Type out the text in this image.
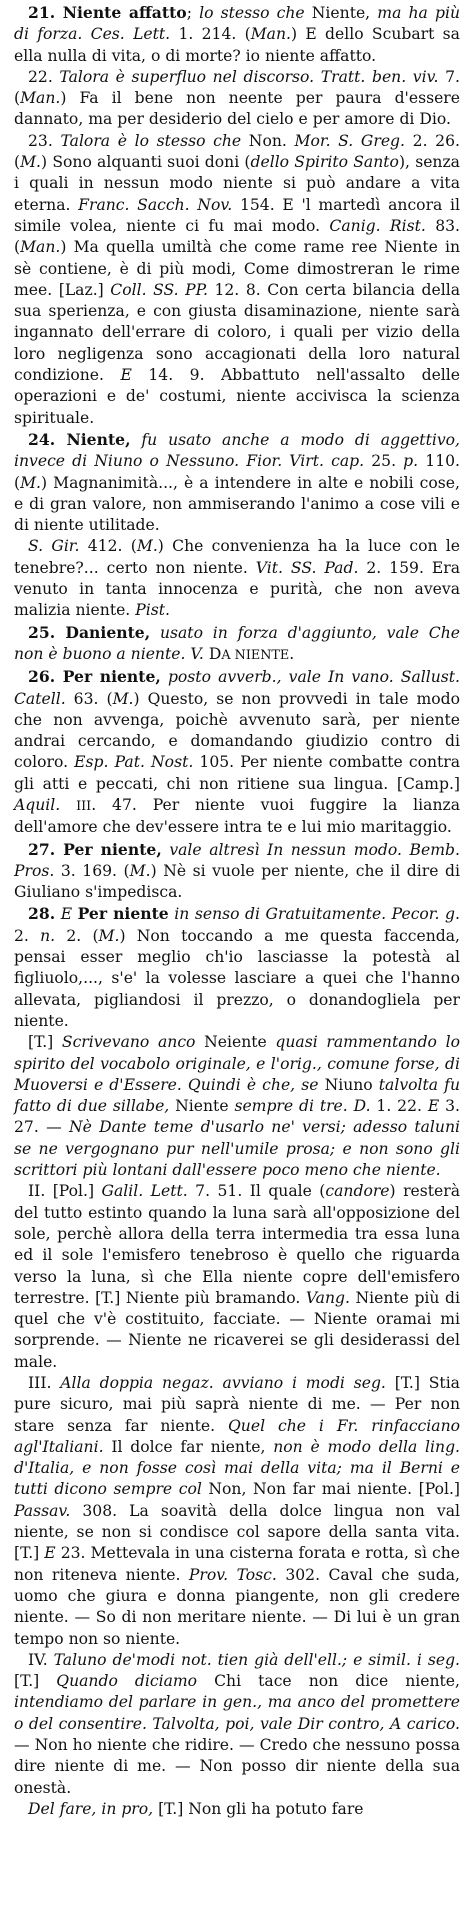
21. Niente affatto; lo stesso che Niente, ma ha più di forza. Ces. Lett. 1. 214. (Man.) E dello Scubart sa ella nulla di vita, o di morte? io niente affatto.

22. Talora è superfluo nel discorso. Tratt. ben. viv. 7. (Man.) Fa il bene non neente per paura d'essere dannato, ma per desiderio del cielo e per amore di Dio.

23. Talora è lo stesso che Non. Mor. S. Greg. 2. 26. (M.) Sono alquanti suoi doni (dello Spirito Santo), senza i quali in nessun modo niente si può andare a vita eterna. Franc. Sacch. Nov. 154. E 'l martedì ancora il simile volea, niente ci fu mai modo. Canig. Rist. 83. (Man.) Ma quella umiltà che come rame ree Niente in sè contiene, è di più modi, Come dimostreran le rime mee. [Laz.] Coll. SS. PP. 12. 8. Con certa bilancia della sua sperienza, e con giusta disaminazione, niente sarà ingannato dell'errare di coloro, i quali per vizio della loro negligenza sono accagionati della loro natural condizione. E 14. 9. Abbattuto nell'assalto delle operazioni e de' costumi, niente accivisca la scienza spirituale.

24. Niente, fu usato anche a modo di aggettivo, invece di Niuno o Nessuno. Fior. Virt. cap. 25. p. 110. (M.) Magnanimità..., è a intendere in alte e nobili cose, e di gran valore, non ammiserando l'animo a cose vili e di niente utilitade.

S. Gir. 412. (M.) Che convenienza ha la luce con le tenebre?... certo non niente. Vit. SS. Pad. 2. 159. Era venuto in tanta innocenza e purità, che non aveva malizia niente. Pist.

25. Daniente, usato in forza d'aggiunto, vale Che non è buono a niente. V. DA NIENTE.

26. Per niente, posto avverb., vale In vano. Sallust. Catell. 63. (M.) Questo, se non provvedi in tale modo che non avvenga, poichè avvenuto sarà, per niente andrai cercando, e domandando giudizio contro di coloro. Esp. Pat. Nost. 105. Per niente combatte contra gli atti e peccati, chi non ritiene sua lingua. [Camp.] Aquil. III. 47. Per niente vuoi fuggire la lianza dell'amore che dev'essere intra te e lui mio maritaggio.

27. Per niente, vale altresì In nessun modo. Bemb. Pros. 3. 169. (M.) Nè si vuole per niente, che il dire di Giuliano s'impedisca.

28. E Per niente in senso di Gratuitamente. Pecor. g. 2. n. 2. (M.) Non toccando a me questa faccenda, pensai esser meglio ch'io lasciasse la potestà al figliuolo,..., s'e' la volesse lasciare a quei che l'hanno allevata, pigliandosi il prezzo, o donandogliela per niente.

[T.] Scrivevano anco Neiente quasi rammentando lo spirito del vocabolo originale, e l'orig., comune forse, di Muoversi e d'Essere. Quindi è che, se Niuno talvolta fu fatto di due sillabe, Niente sempre di tre. D. 1. 22. E 3. 27. — Nè Dante teme d'usarlo ne' versi; adesso taluni se ne vergognano pur nell'umile prosa; e non sono gli scrittori più lontani dall'essere poco meno che niente.

II. [Pol.] Galil. Lett. 7. 51. Il quale (candore) resterà del tutto estinto quando la luna sarà all'opposizione del sole, perchè allora della terra intermedia tra essa luna ed il sole l'emisfero tenebroso è quello che riguarda verso la luna, sì che Ella niente copre dell'emisfero terrestre. [T.] Niente più bramando. Vang. Niente più di quel che v'è costituito, facciate. — Niente oramai mi sorprende. — Niente ne ricaverei se gli desiderassi del male.

III. Alla doppia negaz. avviano i modi seg. [T.] Stia pure sicuro, mai più saprà niente di me. — Per non stare senza far niente. Quel che i Fr. rinfacciano agl'Italiani. Il dolce far niente, non è modo della ling. d'Italia, e non fosse così mai della vita; ma il Berni e tutti dicono sempre col Non, Non far mai niente. [Pol.] Passav. 308. La soavità della dolce lingua non val niente, se non si condisce col sapore della santa vita. [T.] E 23. Mettevala in una cisterna forata e rotta, sì che non riteneva niente. Prov. Tosc. 302. Caval che suda, uomo che giura e donna piangente, non gli credere niente. — So di non meritare niente. — Di lui è un gran tempo non so niente.

IV. Taluno de'modi not. tien già dell'ell.; e simil. i seg. [T.] Quando diciamo Chi tace non dice niente, intendiamo del parlare in gen., ma anco del promettere o del consentire. Talvolta, poi, vale Dir contro, A carico. — Non ho niente che ridire. — Credo che nessuno possa dire niente di me. — Non posso dir niente della sua onestà.

Del fare, in pro, [T.] Non gli ha potuto fare
